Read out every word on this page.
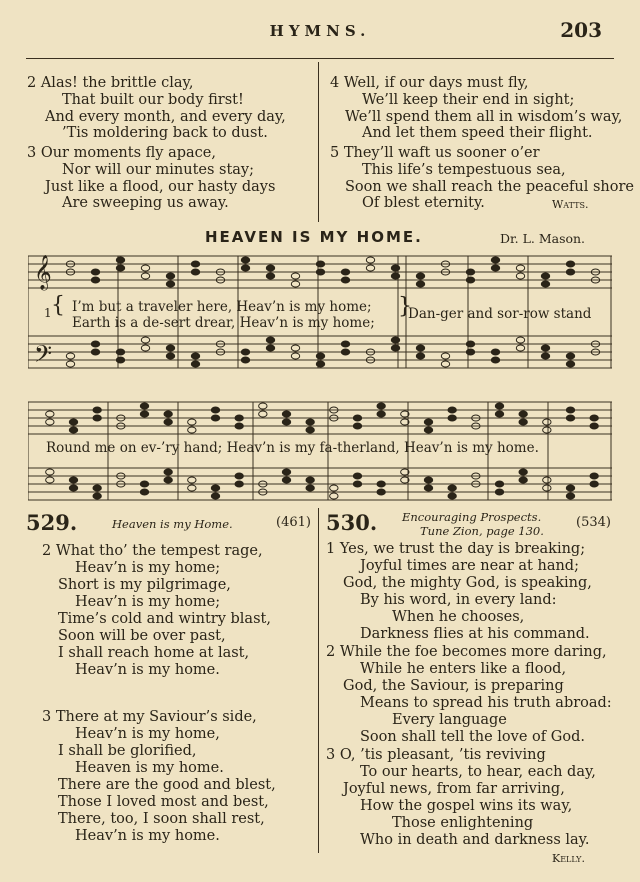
HYMNS.	203
2 Alas! the brittle clay,
That built our body first!
And every month, and every day,
’Tis moldering back to dust.
3 Our moments fly apace,
Nor will our minutes stay;
Just like a flood, our hasty days
Are sweeping us away.
4 Well, if our days must fly,
We’ll keep their end in sight;
We’ll spend them all in wisdom’s way,
And let them speed their flight.
5 They’ll waft us sooner o’er
This life’s tempestuous sea,
Soon we shall reach the peaceful shore
Of blest eternity.	Watts.
HEAVEN IS MY HOME.	Dr. L. Mason.
𝄞
𝄢
1 { I’m but a traveler here, Heav’n is my home;
Earth is a de-sert drear, Heav’n is my home;
}
Dan-ger and sor-row stand
Round me on ev-’ry hand; Heav’n is my fa-therland, Heav’n is my home.
529.	Heaven is my Home.	(461)
2 What tho’ the tempest rage,
Heav’n is my home;
Short is my pilgrimage,
Heav’n is my home;
Time’s cold and wintry blast,
Soon will be over past,
I shall reach home at last,
Heav’n is my home.
3 There at my Saviour’s side,
Heav’n is my home,
I shall be glorified,
Heaven is my home.
There are the good and blest,
Those I loved most and best,
There, too, I soon shall rest,
Heav’n is my home.
530. Encouraging Prospects.
Tune Zion, page 130.
(534)
1 Yes, we trust the day is breaking;
Joyful times are near at hand;
God, the mighty God, is speaking,
By his word, in every land:
When he chooses,
Darkness flies at his command.
2 While the foe becomes more daring,
While he enters like a flood,
God, the Saviour, is preparing
Means to spread his truth abroad:
Every language
Soon shall tell the love of God.
3 O, ’tis pleasant, ’tis reviving
To our hearts, to hear, each day,
Joyful news, from far arriving,
How the gospel wins its way,
Those enlightening
Who in death and darkness lay.
Kelly.
